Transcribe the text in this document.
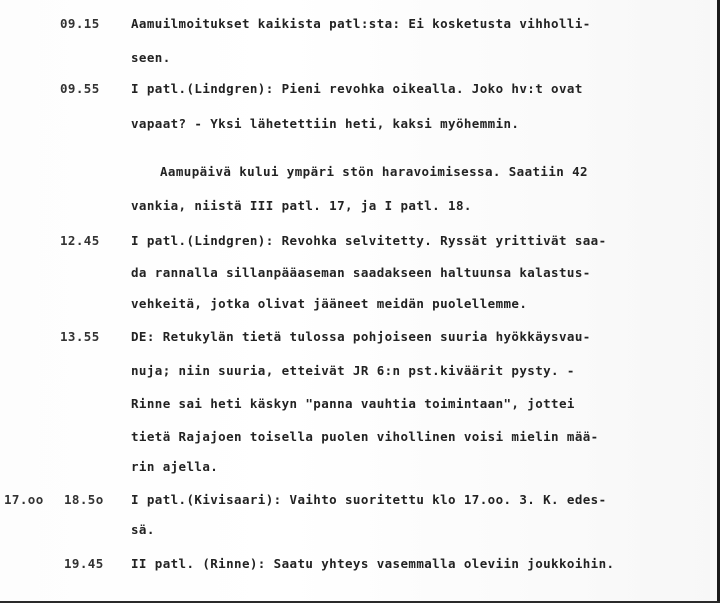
09.15	Aamuilmoitukset kaikista patl:sta: Ei kosketusta vihholli-
seen.
09.55	I patl.(Lindgren): Pieni revohka oikealla. Joko hv:t ovat
vapaat? - Yksi lähetettiin heti, kaksi myöhemmin.
Aamupäivä kului ympäri stön haravoimisessa. Saatiin 42
vankia, niistä III patl. 17, ja I patl. 18.
12.45	I patl.(Lindgren): Revohka selvitetty. Ryssät yrittivät saa-
da rannalla sillanpääaseman saadakseen haltuunsa kalastus-
vehkeitä, jotka olivat jääneet meidän puolellemme.
13.55	DE: Retukylän tietä tulossa pohjoiseen suuria hyökkäysvau-
nuja; niin suuria, etteivät JR 6:n pst.kiväärit pysty. -
Rinne sai heti käskyn "panna vauhtia toimintaan", jottei
tietä Rajajoen toisella puolen vihollinen voisi mielin mää-
rin ajella.
17.oo 18.5o I patl.(Kivisaari): Vaihto suoritettu klo 17.oo. 3. K. edes-
sä.
19.45 II patl. (Rinne): Saatu yhteys vasemmalla oleviin joukkoihin.
